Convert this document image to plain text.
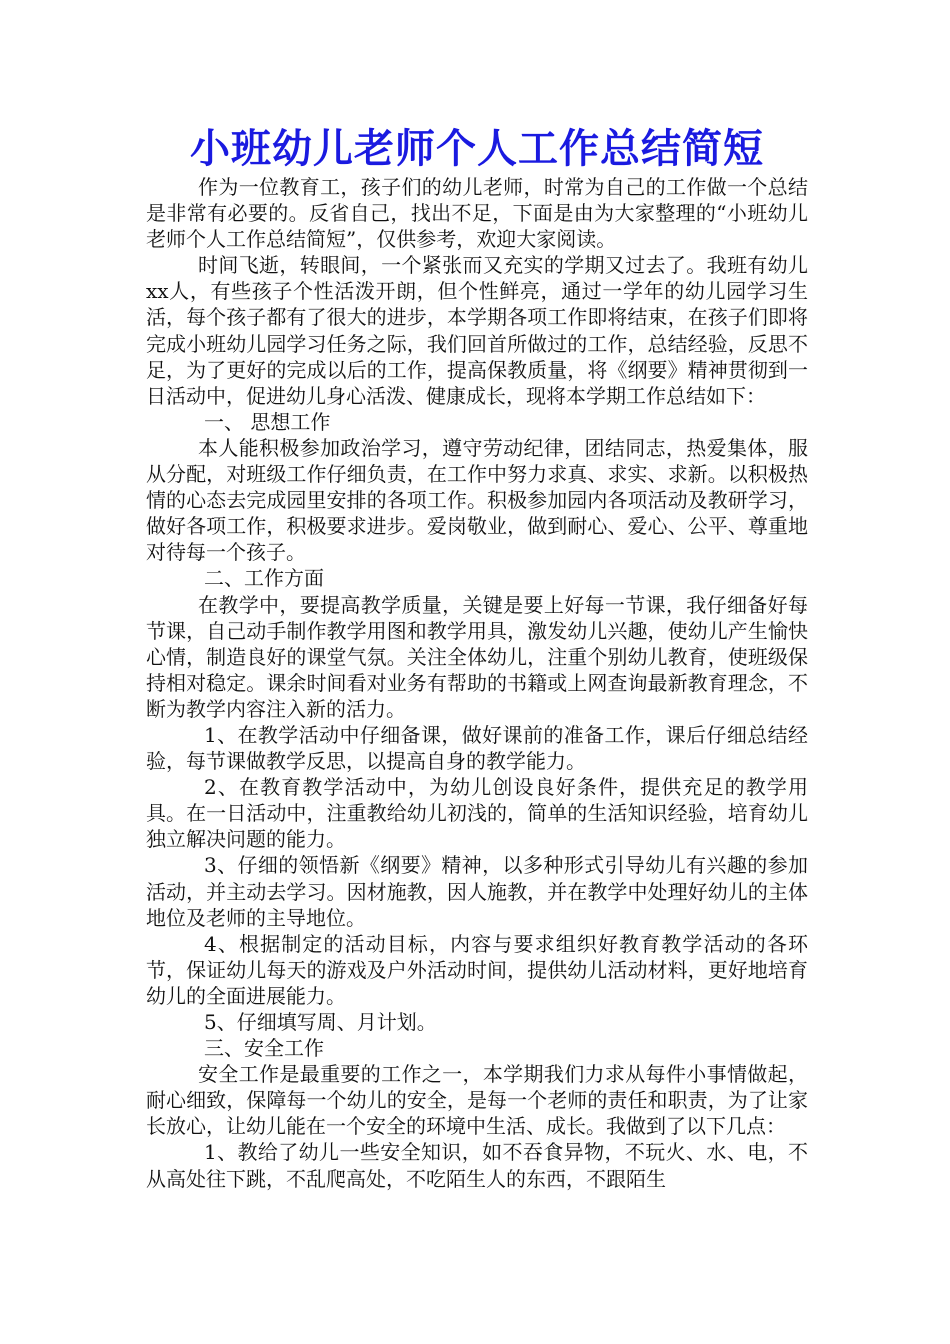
小班幼儿老师个人工作总结简短

作为一位教育工，孩子们的幼儿老师，时常为自己的工作做一个总结是非常有必要的。反省自己，找出不足，下面是由为大家整理的“小班幼儿老师个人工作总结简短”，仅供参考，欢迎大家阅读。

时间飞逝，转眼间，一个紧张而又充实的学期又过去了。我班有幼儿xx人，有些孩子个性活泼开朗，但个性鲜亮，通过一学年的幼儿园学习生活，每个孩子都有了很大的进步，本学期各项工作即将结束，在孩子们即将完成小班幼儿园学习任务之际，我们回首所做过的工作，总结经验，反思不足，为了更好的完成以后的工作，提高保教质量，将《纲要》精神贯彻到一日活动中，促进幼儿身心活泼、健康成长，现将本学期工作总结如下：

一、 思想工作

本人能积极参加政治学习，遵守劳动纪律，团结同志，热爱集体，服从分配，对班级工作仔细负责，在工作中努力求真、求实、求新。以积极热情的心态去完成园里安排的各项工作。积极参加园内各项活动及教研学习，做好各项工作，积极要求进步。爱岗敬业，做到耐心、爱心、公平、尊重地对待每一个孩子。

二、工作方面

在教学中，要提高教学质量，关键是要上好每一节课，我仔细备好每节课，自己动手制作教学用图和教学用具，激发幼儿兴趣，使幼儿产生愉快心情，制造良好的课堂气氛。关注全体幼儿，注重个别幼儿教育，使班级保持相对稳定。课余时间看对业务有帮助的书籍或上网查询最新教育理念，不断为教学内容注入新的活力。

1、在教学活动中仔细备课，做好课前的准备工作，课后仔细总结经验，每节课做教学反思，以提高自身的教学能力。

2、在教育教学活动中，为幼儿创设良好条件，提供充足的教学用具。在一日活动中，注重教给幼儿初浅的，简单的生活知识经验，培育幼儿独立解决问题的能力。

3、仔细的领悟新《纲要》精神，以多种形式引导幼儿有兴趣的参加活动，并主动去学习。因材施教，因人施教，并在教学中处理好幼儿的主体地位及老师的主导地位。

4、根据制定的活动目标，内容与要求组织好教育教学活动的各环节，保证幼儿每天的游戏及户外活动时间，提供幼儿活动材料，更好地培育幼儿的全面进展能力。

5、仔细填写周、月计划。

三、安全工作

安全工作是最重要的工作之一，本学期我们力求从每件小事情做起，耐心细致，保障每一个幼儿的安全，是每一个老师的责任和职责，为了让家长放心，让幼儿能在一个安全的环境中生活、成长。我做到了以下几点：

1、教给了幼儿一些安全知识，如不吞食异物，不玩火、水、电，不从高处往下跳，不乱爬高处，不吃陌生人的东西，不跟陌生
